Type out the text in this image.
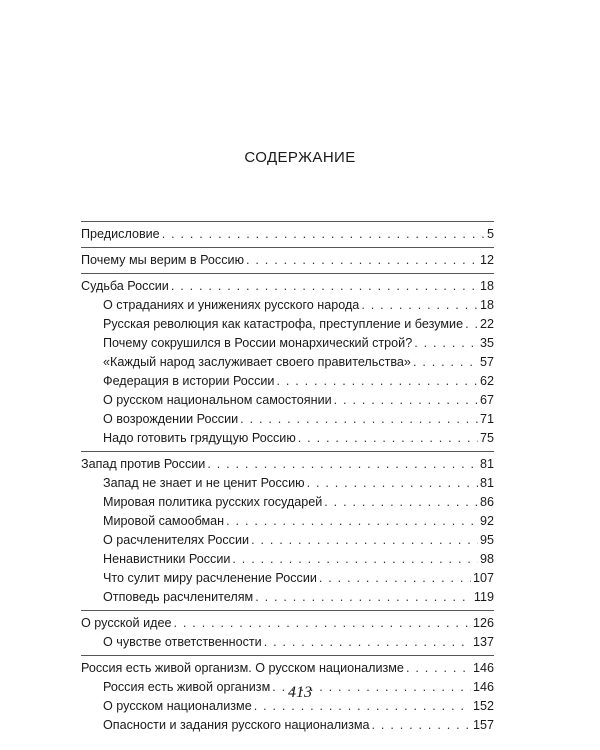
СОДЕРЖАНИЕ
Предисловие . . .	5
Почему мы верим в Россию . . .	12
Судьба России . . .	18
О страданиях и унижениях русского народа . . .	18
Русская революция как катастрофа, преступление и безумие . . . 22
Почему сокрушился в России монархический строй? . . .	35
«Каждый народ заслуживает своего правительства» . . .	57
Федерация в истории России . . .	62
О русском национальном самостоянии . . .	67
О возрождении России . . .	71
Надо готовить грядущую Россию . . .	75
Запад против России . . .	81
Запад не знает и не ценит Россию . . .	81
Мировая политика русских государей . . .	86
Мировой самообман . . .	92
О расчленителях России . . .	95
Ненавистники России . . .	98
Что сулит миру расчленение России . . .	107
Отповедь расчленителям . . .	119
О русской идее . . .	126
О чувстве ответственности . . .	137
Россия есть живой организм. О русском национализме . . .	146
Россия есть живой организм . . .	146
О русском национализме . . .	152
Опасности и задания русского национализма . . .	157
413
